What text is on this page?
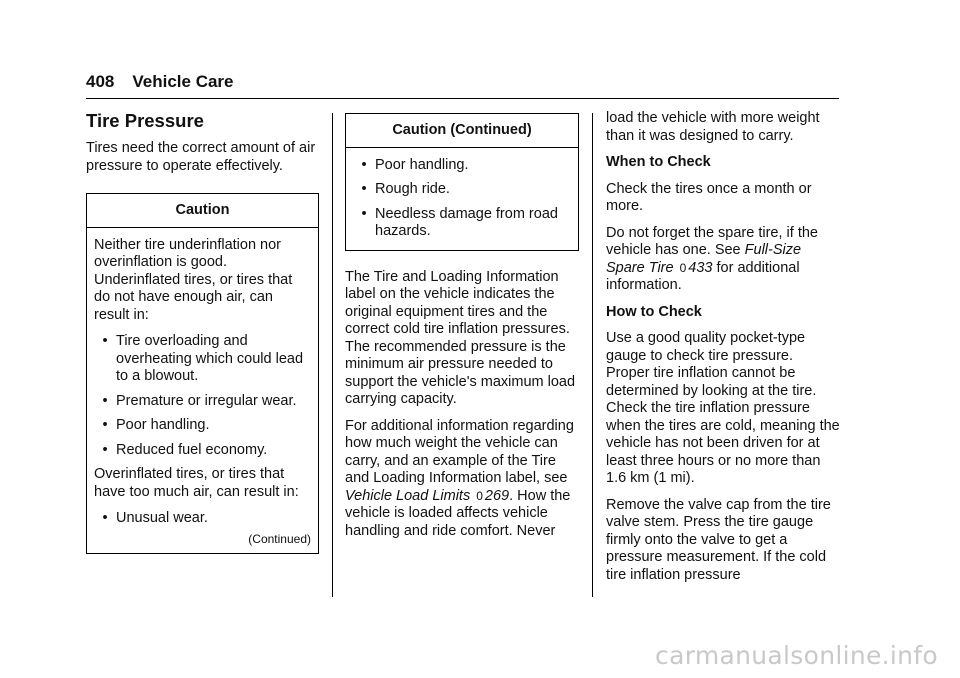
408 Vehicle Care
Tire Pressure

Tires need the correct amount of air pressure to operate effectively.

Caution

Neither tire underinflation nor overinflation is good. Underinflated tires, or tires that do not have enough air, can result in:

• Tire overloading and overheating which could lead to a blowout.
• Premature or irregular wear.
• Poor handling.
• Reduced fuel economy.

Overinflated tires, or tires that have too much air, can result in:

• Unusual wear.
(Continued)
Caution (Continued)
• Poor handling.
• Rough ride.
• Needless damage from road hazards.

The Tire and Loading Information label on the vehicle indicates the original equipment tires and the correct cold tire inflation pressures. The recommended pressure is the minimum air pressure needed to support the vehicle's maximum load carrying capacity.

For additional information regarding how much weight the vehicle can carry, and an example of the Tire and Loading Information label, see Vehicle Load Limits 0 269. How the vehicle is loaded affects vehicle handling and ride comfort. Never

load the vehicle with more weight than it was designed to carry.

When to Check

Check the tires once a month or more.

Do not forget the spare tire, if the vehicle has one. See Full-Size Spare Tire 0 433 for additional information.

How to Check

Use a good quality pocket-type gauge to check tire pressure. Proper tire inflation cannot be determined by looking at the tire. Check the tire inflation pressure when the tires are cold, meaning the vehicle has not been driven for at least three hours or no more than 1.6 km (1 mi).

Remove the valve cap from the tire valve stem. Press the tire gauge firmly onto the valve to get a pressure measurement. If the cold tire inflation pressure

carmanualsonline.info
